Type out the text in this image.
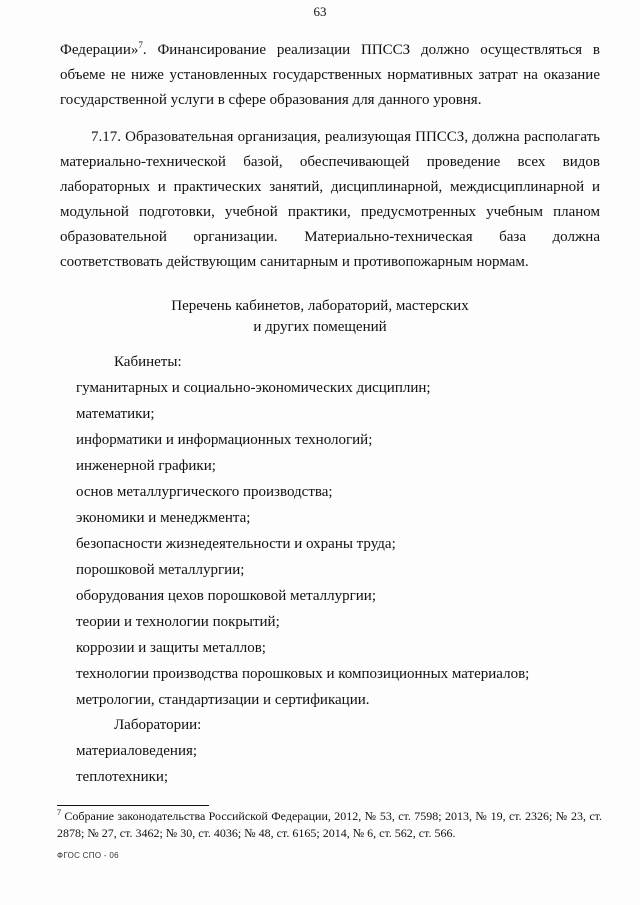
63

Федерации»$^7$. Финансирование реализации ППССЗ должно осуществляться в объеме не ниже установленных государственных нормативных затрат на оказание государственной услуги в сфере образования для данного уровня.

7.17. Образовательная организация, реализующая ППССЗ, должна располагать материально-технической базой, обеспечивающей проведение всех видов лабораторных и практических занятий, дисциплинарной, междисциплинарной и модульной подготовки, учебной практики, предусмотренных учебным планом образовательной организации. Материально-техническая база должна соответствовать действующим санитарным и противопожарным нормам.

Перечень кабинетов, лабораторий, мастерских
и других помещений
Кабинеты:
гуманитарных и социально-экономических дисциплин;
математики;
информатики и информационных технологий;
инженерной графики;
основ металлургического производства;
экономики и менеджмента;
безопасности жизнедеятельности и охраны труда;
порошковой металлургии;
оборудования цехов порошковой металлургии;
теории и технологии покрытий;
коррозии и защиты металлов;
технологии производства порошковых и композиционных материалов;
метрологии, стандартизации и сертификации.
Лаборатории:
материаловедения;
теплотехники;

$^7$ Собрание законодательства Российской Федерации, 2012, № 53, ст. 7598; 2013, № 19, ст. 2326; № 23, ст. 2878; № 27, ст. 3462; № 30, ст. 4036; № 48, ст. 6165; 2014, № 6, ст. 562, ст. 566.

ФГОС СПО - 06
